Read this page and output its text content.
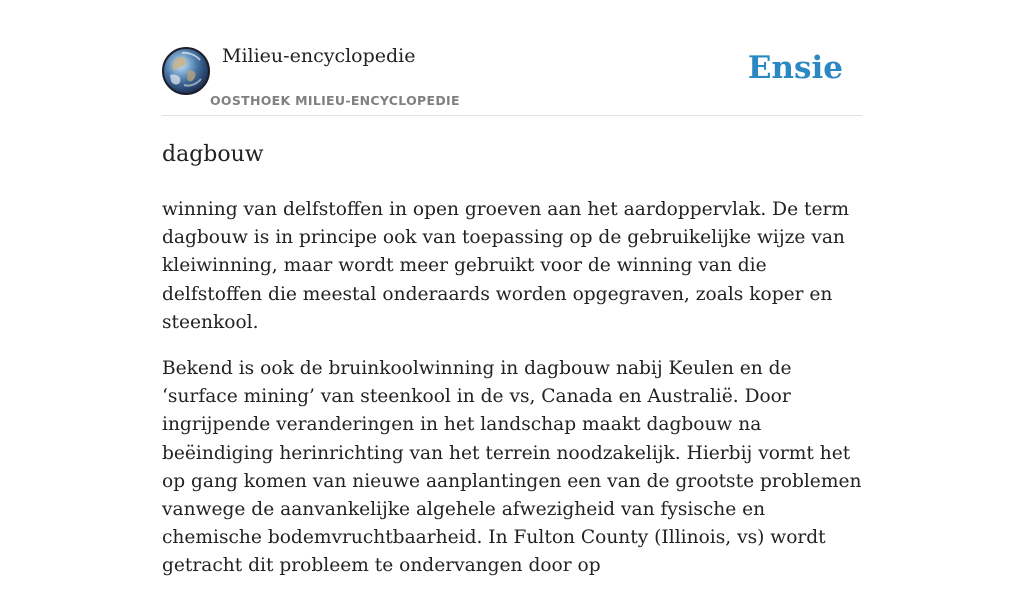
Milieu-encyclopedie
OOSTHOEK MILIEU-ENCYCLOPEDIE
Ensie
dagbouw

winning van delfstoffen in open groeven aan het aardoppervlak. De term dagbouw is in principe ook van toepassing op de gebruikelijke wijze van kleiwinning, maar wordt meer gebruikt voor de winning van die delfstoffen die meestal onderaards worden opgegraven, zoals koper en steenkool.

Bekend is ook de bruinkoolwinning in dagbouw nabij Keulen en de ‘surface mining’ van steenkool in de vs, Canada en Australië. Door ingrijpende veranderingen in het landschap maakt dagbouw na beëindiging herinrichting van het terrein noodzakelijk. Hierbij vormt het op gang komen van nieuwe aanplantingen een van de grootste problemen vanwege de aanvankelijke algehele afwezigheid van fysische en chemische bodemvruchtbaarheid. In Fulton County (Illinois, vs) wordt getracht dit probleem te ondervangen door op
